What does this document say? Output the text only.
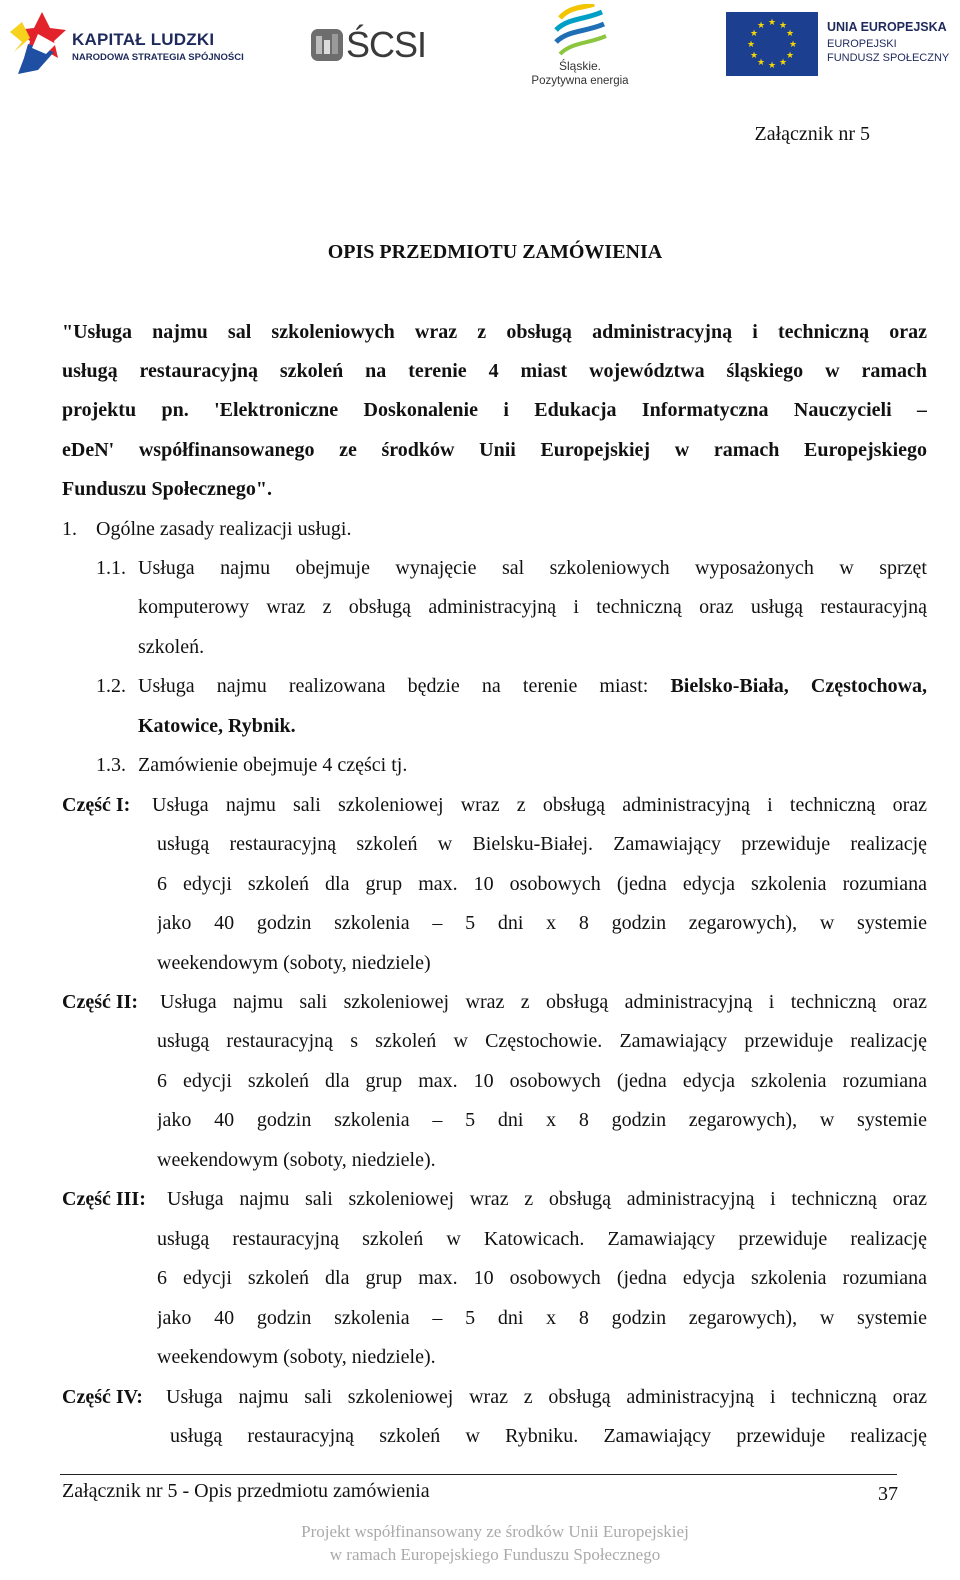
KAPITAŁ LUDZKI
NARODOWA STRATEGIA SPÓJNOŚCI	ŚCSI
Śląskie.
Pozytywna energia
★ ★
★
★
★
★
★
★
★
★
★
★	UNIA EUROPEJSKA
EUROPEJSKI
FUNDUSZ SPOŁECZNY
Załącznik nr 5
OPIS PRZEDMIOTU ZAMÓWIENIA
"Usługa najmu sal szkoleniowych wraz z obsługą administracyjną i techniczną oraz
usługą restauracyjną szkoleń na terenie 4 miast województwa śląskiego w ramach
projektu pn. 'Elektroniczne Doskonalenie i Edukacja Informatyczna Nauczycieli –
eDeN' współfinansowanego ze środków Unii Europejskiej w ramach Europejskiego
Funduszu Społecznego".
1. Ogólne zasady realizacji usługi.
1.1. Usługa najmu obejmuje wynajęcie sal szkoleniowych wyposażonych w sprzęt
komputerowy wraz z obsługą administracyjną i techniczną oraz usługą restauracyjną
szkoleń.
1.2. Usługa najmu realizowana będzie na terenie miast: Bielsko-Biała, Częstochowa,
Katowice, Rybnik.
1.3. Zamówienie obejmuje 4 części tj.
Część I: Usługa najmu sali szkoleniowej wraz z obsługą administracyjną i techniczną oraz
usługą restauracyjną szkoleń w Bielsku-Białej. Zamawiający przewiduje realizację
6 edycji szkoleń dla grup max. 10 osobowych (jedna edycja szkolenia rozumiana
jako 40 godzin szkolenia – 5 dni x 8 godzin zegarowych), w systemie
weekendowym (soboty, niedziele)
Część II: Usługa najmu sali szkoleniowej wraz z obsługą administracyjną i techniczną oraz
usługą restauracyjną s szkoleń w Częstochowie. Zamawiający przewiduje realizację
6 edycji szkoleń dla grup max. 10 osobowych (jedna edycja szkolenia rozumiana
jako 40 godzin szkolenia – 5 dni x 8 godzin zegarowych), w systemie
weekendowym (soboty, niedziele).
Część III: Usługa najmu sali szkoleniowej wraz z obsługą administracyjną i techniczną oraz
usługą restauracyjną szkoleń w Katowicach. Zamawiający przewiduje realizację
6 edycji szkoleń dla grup max. 10 osobowych (jedna edycja szkolenia rozumiana
jako 40 godzin szkolenia – 5 dni x 8 godzin zegarowych), w systemie
weekendowym (soboty, niedziele).
Część IV: Usługa najmu sali szkoleniowej wraz z obsługą administracyjną i techniczną oraz
usługą restauracyjną szkoleń w Rybniku. Zamawiający przewiduje realizację
Załącznik nr 5 - Opis przedmiotu zamówienia	37
Projekt współfinansowany ze środków Unii Europejskiej
w ramach Europejskiego Funduszu Społecznego
